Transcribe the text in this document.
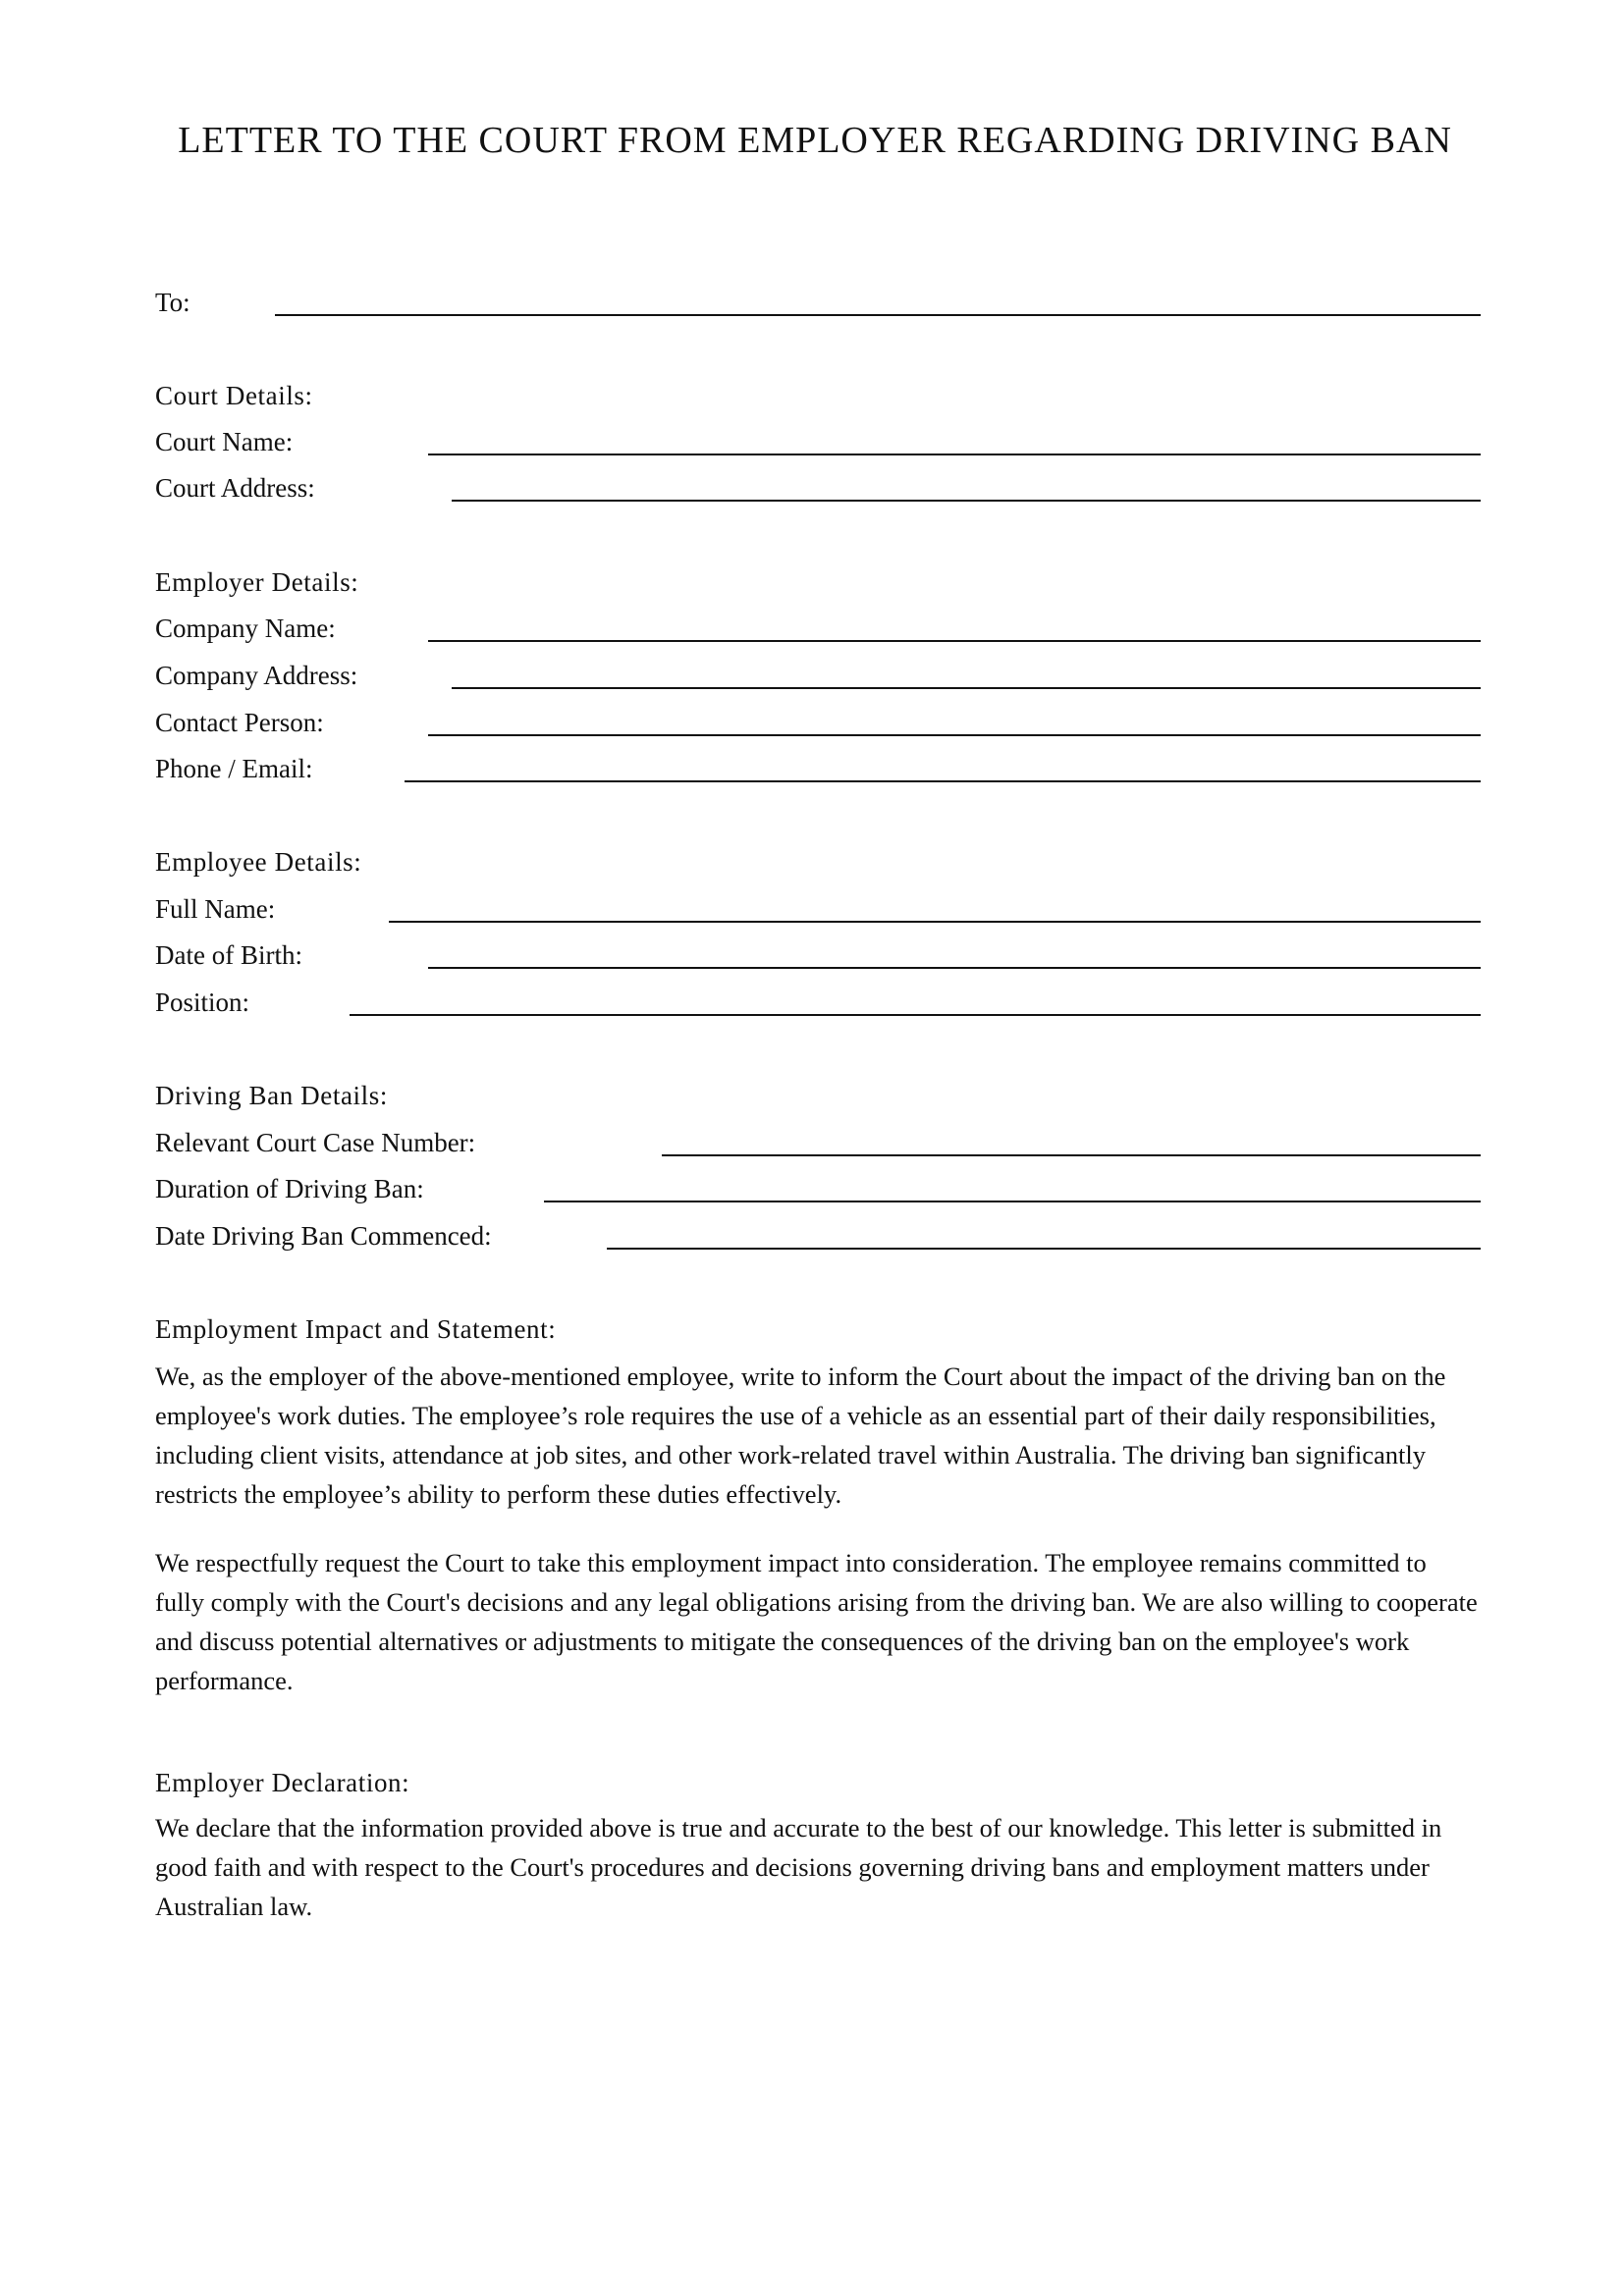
LETTER TO THE COURT FROM EMPLOYER REGARDING DRIVING BAN
To:
Court Details:
Court Name:
Court Address:
Employer Details:
Company Name:
Company Address:
Contact Person:
Phone / Email:
Employee Details:
Full Name:
Date of Birth:
Position:
Driving Ban Details:
Relevant Court Case Number:
Duration of Driving Ban:
Date Driving Ban Commenced:
Employment Impact and Statement:

We, as the employer of the above-mentioned employee, write to inform the Court about the impact of the driving ban on the employee's work duties. The employee’s role requires the use of a vehicle as an essential part of their daily responsibilities, including client visits, attendance at job sites, and other work-related travel within Australia. The driving ban significantly restricts the employee’s ability to perform these duties effectively.

We respectfully request the Court to take this employment impact into consideration. The employee remains committed to fully comply with the Court's decisions and any legal obligations arising from the driving ban. We are also willing to cooperate and discuss potential alternatives or adjustments to mitigate the consequences of the driving ban on the employee's work performance.

Employer Declaration:

We declare that the information provided above is true and accurate to the best of our knowledge. This letter is submitted in good faith and with respect to the Court's procedures and decisions governing driving bans and employment matters under Australian law.
